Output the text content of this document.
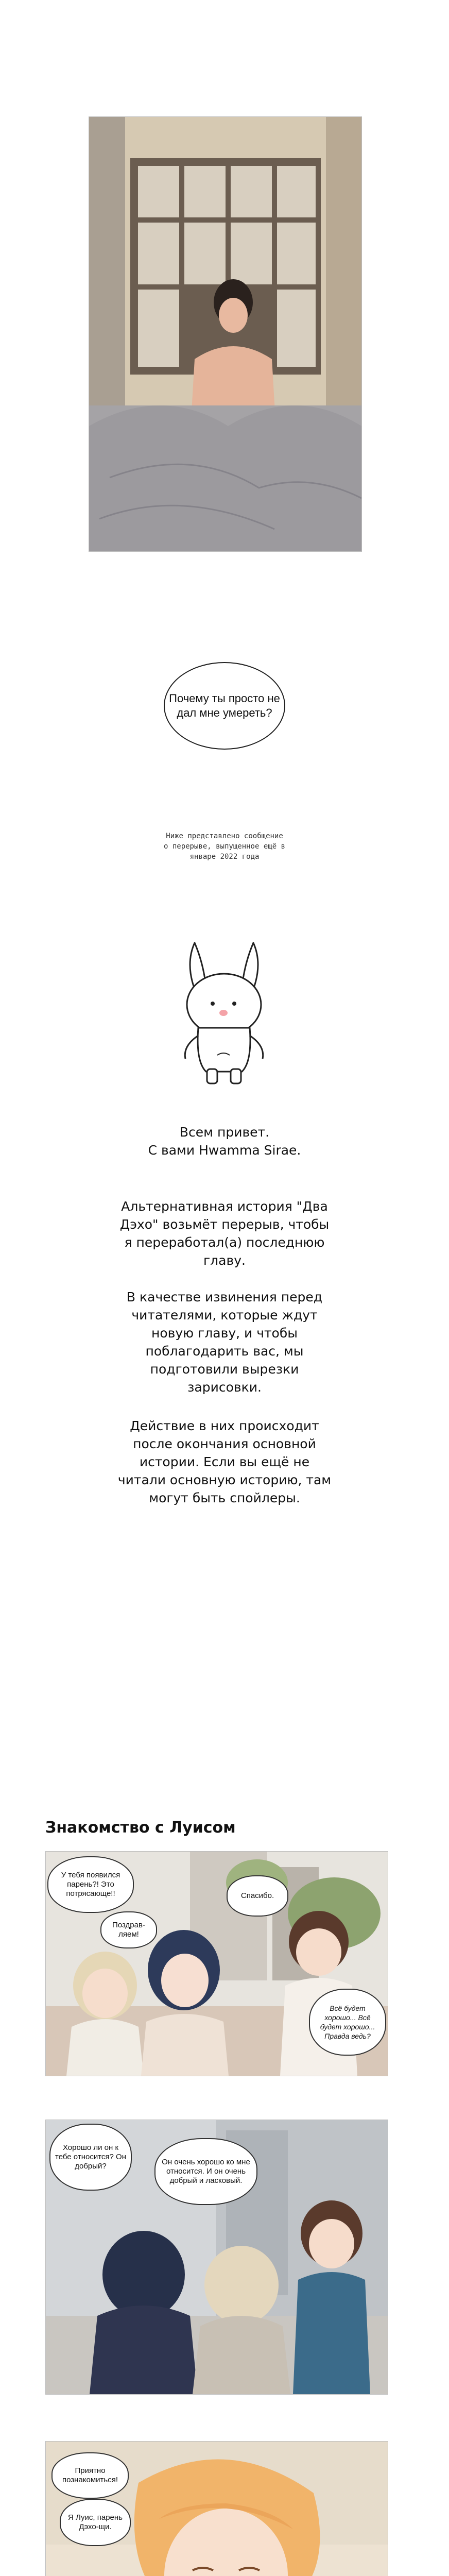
Почему ты просто не дал мне умереть?
Ниже представлено сообщение
о перерыве, выпущенное ещё в
январе 2022 года
Всем привет.
С вами Hwamma Sirae.
Альтернативная история "Два
Дэхо" возьмёт перерыв, чтобы
я переработал(а) последнюю
главу.
В качестве извинения перед
читателями, которые ждут
новую главу, и чтобы
поблагодарить вас, мы
подготовили вырезки
зарисовки.
Действие в них происходит
после окончания основной
истории. Если вы ещё не
читали основную историю, там
могут быть спойлеры.
Знакомство с Луисом
У тебя появился парень?! Это потрясающе!!	Спасибо.
Поздрав-ляем!
Всё будет хорошо... Всё будет хорошо... Правда ведь?
Хорошо ли он к тебе относится? Он добрый?	Он очень хорошо ко мне относится. И он очень добрый и ласковый.
Приятно познакомиться!
Я Луис, парень Дэхо-щи.
